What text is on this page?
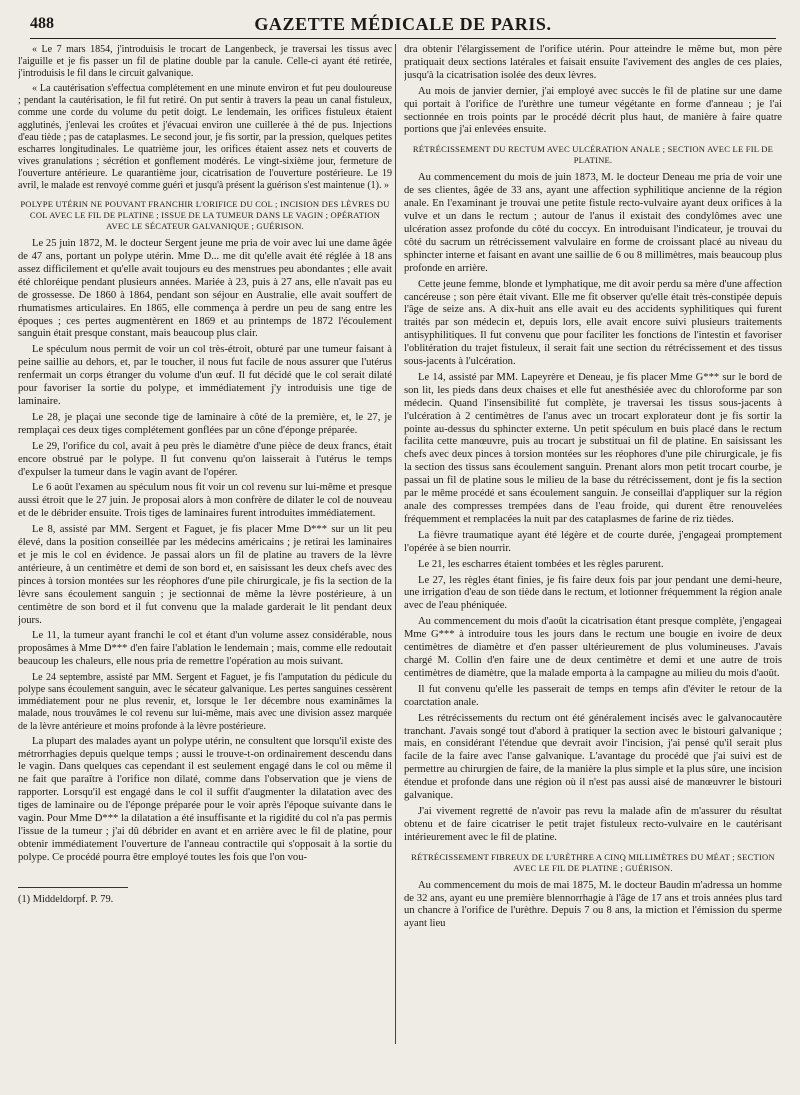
488	GAZETTE MÉDICALE DE PARIS.

« Le 7 mars 1854, j'introduisis le trocart de Langenbeck, je traversai les tissus avec l'aiguille et je fis passer un fil de platine double par la canule. Celle-ci ayant été retirée, j'introduisis le fil dans le circuit galvanique.

« La cautérisation s'effectua complétement en une minute environ et fut peu douloureuse ; pendant la cautérisation, le fil fut retiré. On put sentir à travers la peau un canal fistuleux, comme une corde du volume du petit doigt. Le lendemain, les orifices fistuleux étaient agglutinés, j'enlevai les croûtes et j'évacuai environ une cuillerée à thé de pus. Injections d'eau tiède ; pas de cataplasmes. Le second jour, je fis sortir, par la pression, quelques petites escharres longitudinales. Le quatrième jour, les orifices étaient assez nets et couverts de vives granulations ; sécrétion et gonflement modérés. Le vingt-sixième jour, fermeture de l'ouverture antérieure. Le quarantième jour, cicatrisation de l'ouverture postérieure. Le 19 avril, le malade est renvoyé comme guéri et jusqu'à présent la guérison s'est maintenue (1). »

POLYPE UTÉRIN NE POUVANT FRANCHIR L'ORIFICE DU COL ; INCISION DES LÈVRES DU COL AVEC LE FIL DE PLATINE ; ISSUE DE LA TUMEUR DANS LE VAGIN ; OPÉRATION AVEC LE SÉCATEUR GALVANIQUE ; GUÉRISON.

Le 25 juin 1872, M. le docteur Sergent jeune me pria de voir avec lui une dame âgée de 47 ans, portant un polype utérin. Mme D... me dit qu'elle avait été réglée à 18 ans assez difficilement et qu'elle avait toujours eu des menstrues peu abondantes ; elle avait été chloréique pendant plusieurs années. Mariée à 23, puis à 27 ans, elle n'avait pas eu de grossesse. De 1860 à 1864, pendant son séjour en Australie, elle avait souffert de rhumatismes articulaires. En 1865, elle commença à perdre un peu de sang entre les époques ; ces pertes augmentèrent en 1869 et au printemps de 1872 l'écoulement sanguin était presque constant, mais beaucoup plus clair.

Le spéculum nous permit de voir un col très-étroit, obturé par une tumeur faisant à peine saillie au dehors, et, par le toucher, il nous fut facile de nous assurer que l'utérus renfermait un corps étranger du volume d'un œuf. Il fut décidé que le col serait dilaté pour favoriser la sortie du polype, et immédiatement j'y introduisis une tige de laminaire.

Le 28, je plaçai une seconde tige de laminaire à côté de la première, et, le 27, je remplaçai ces deux tiges complétement gonflées par un cône d'éponge préparée.

Le 29, l'orifice du col, avait à peu près le diamètre d'une pièce de deux francs, était encore obstrué par le polype. Il fut convenu qu'on laisserait à l'utérus le temps d'expulser la tumeur dans le vagin avant de l'opérer.

Le 6 août l'examen au spéculum nous fit voir un col revenu sur lui-même et presque aussi étroit que le 27 juin. Je proposai alors à mon confrère de dilater le col de nouveau et de le débrider ensuite. Trois tiges de laminaires furent introduites immédiatement.

Le 8, assisté par MM. Sergent et Faguet, je fis placer Mme D*** sur un lit peu élevé, dans la position conseillée par les médecins américains ; je retirai les laminaires et je mis le col en évidence. Je passai alors un fil de platine au travers de la lèvre antérieure, à un centimètre et demi de son bord et, en saisissant les deux chefs avec des pinces à torsion montées sur les réophores d'une pile chirurgicale, je fis la section de la lèvre sans écoulement sanguin ; je sectionnai de même la lèvre postérieure, à un centimètre de son bord et il fut convenu que la malade garderait le lit pendant deux jours.

Le 11, la tumeur ayant franchi le col et étant d'un volume assez considérable, nous proposâmes à Mme D*** d'en faire l'ablation le lendemain ; mais, comme elle redoutait beaucoup les chaleurs, elle nous pria de remettre l'opération au mois suivant.

Le 24 septembre, assisté par MM. Sergent et Faguet, je fis l'amputation du pédicule du polype sans écoulement sanguin, avec le sécateur galvanique. Les pertes sanguines cessèrent immédiatement pour ne plus revenir, et, lorsque le 1er décembre nous examinâmes la malade, nous trouvâmes le col revenu sur lui-même, mais avec une division assez marquée de la lèvre antérieure et moins profonde à la lèvre postérieure.

La plupart des malades ayant un polype utérin, ne consultent que lorsqu'il existe des métrorrhagies depuis quelque temps ; aussi le trouve-t-on ordinairement descendu dans le vagin. Dans quelques cas cependant il est seulement engagé dans le col ou même il ne fait que paraître à l'orifice non dilaté, comme dans l'observation que je viens de rapporter. Lorsqu'il est engagé dans le col il suffit d'augmenter la dilatation avec des tiges de laminaire ou de l'éponge préparée pour le voir après l'époque suivante dans le vagin. Pour Mme D*** la dilatation a été insuffisante et la rigidité du col n'a pas permis l'issue de la tumeur ; j'ai dû débrider en avant et en arrière avec le fil de platine, pour obtenir immédiatement l'ouverture de l'anneau contractile qui s'opposait à la sortie du polype. Ce procédé pourra être employé toutes les fois que l'on vou-

(1) Middeldorpf. P. 79.

dra obtenir l'élargissement de l'orifice utérin. Pour atteindre le même but, mon père pratiquait deux sections latérales et faisait ensuite l'avivement des angles de ces plaies, jusqu'à la cicatrisation isolée des deux lèvres.

Au mois de janvier dernier, j'ai employé avec succès le fil de platine sur une dame qui portait à l'orifice de l'urèthre une tumeur végétante en forme d'anneau ; je l'ai sectionnée en trois points par le procédé décrit plus haut, de manière à faire quatre portions que j'ai enlevées ensuite.

RÉTRÉCISSEMENT DU RECTUM AVEC ULCÉRATION ANALE ; SECTION AVEC LE FIL DE PLATINE.

Au commencement du mois de juin 1873, M. le docteur Deneau me pria de voir une de ses clientes, âgée de 33 ans, ayant une affection syphilitique ancienne de la région anale. En l'examinant je trouvai une petite fistule recto-vulvaire ayant deux orifices à la vulve et un dans le rectum ; autour de l'anus il existait des condylômes avec une ulcération assez profonde du côté du coccyx. En introduisant l'indicateur, je trouvai du côté du sacrum un rétrécissement valvulaire en forme de croissant placé au niveau du sphincter interne et faisant en avant une saillie de 6 ou 8 millimètres, mais beaucoup plus profonde en arrière.

Cette jeune femme, blonde et lymphatique, me dit avoir perdu sa mère d'une affection cancéreuse ; son père était vivant. Elle me fit observer qu'elle était très-constipée depuis l'âge de seize ans. A dix-huit ans elle avait eu des accidents syphilitiques qui furent traités par son médecin et, depuis lors, elle avait encore suivi plusieurs traitements antisyphilitiques. Il fut convenu que pour faciliter les fonctions de l'intestin et favoriser l'oblitération du trajet fistuleux, il serait fait une section du rétrécissement et des tissus sous-jacents à l'ulcération.

Le 14, assisté par MM. Lapeyrère et Deneau, je fis placer Mme G*** sur le bord de son lit, les pieds dans deux chaises et elle fut anesthésiée avec du chloroforme par son médecin. Quand l'insensibilité fut complète, je traversai les tissus sous-jacents à l'ulcération à 2 centimètres de l'anus avec un trocart explorateur dont je fis sortir la pointe au-dessus du sphincter externe. Un petit spéculum en buis placé dans le rectum facilita cette manœuvre, puis au trocart je substituai un fil de platine. En saisissant les chefs avec deux pinces à torsion montées sur les réophores d'une pile chirurgicale, je fis la section des tissus sans écoulement sanguin. Prenant alors mon petit trocart courbe, je passai un fil de platine sous le milieu de la base du rétrécissement, dont je fis la section par le même procédé et sans écoulement sanguin. Je conseillai d'appliquer sur la région anale des compresses trempées dans de l'eau froide, qui durent être renouvelées fréquemment et remplacées la nuit par des cataplasmes de farine de riz tièdes.

La fièvre traumatique ayant été légère et de courte durée, j'engageai promptement l'opérée à se bien nourrir.

Le 21, les escharres étaient tombées et les règles parurent.

Le 27, les règles étant finies, je fis faire deux fois par jour pendant une demi-heure, une irrigation d'eau de son tiède dans le rectum, et lotionner fréquemment la région anale avec de l'eau phéniquée.

Au commencement du mois d'août la cicatrisation étant presque complète, j'engageai Mme G*** à introduire tous les jours dans le rectum une bougie en ivoire de deux centimètres de diamètre et d'en passer ultérieurement de plus volumineuses. J'avais chargé M. Collin d'en faire une de deux centimètre et demi et une autre de trois centimètres de diamètre, que la malade emporta à la campagne au milieu du mois d'août.

Il fut convenu qu'elle les passerait de temps en temps afin d'éviter le retour de la coarctation anale.

Les rétrécissements du rectum ont été généralement incisés avec le galvanocautère tranchant. J'avais songé tout d'abord à pratiquer la section avec le bistouri galvanique ; mais, en considérant l'étendue que devrait avoir l'incision, j'ai pensé qu'il serait plus facile de la faire avec l'anse galvanique. L'avantage du procédé que j'ai suivi est de permettre au chirurgien de faire, de la manière la plus simple et la plus sûre, une incision étendue et profonde dans une région où il n'est pas aussi aisé de manœuvrer le bistouri galvanique.

J'ai vivement regretté de n'avoir pas revu la malade afin de m'assurer du résultat obtenu et de faire cicatriser le petit trajet fistuleux recto-vulvaire en le cautérisant intérieurement avec le fil de platine.

RÉTRÉCISSEMENT FIBREUX DE L'URÈTHRE A CINQ MILLIMÈTRES DU MÉAT ; SECTION AVEC LE FIL DE PLATINE ; GUÉRISON.

Au commencement du mois de mai 1875, M. le docteur Baudin m'adressa un homme de 32 ans, ayant eu une première blennorrhagie à l'âge de 17 ans et trois années plus tard un chancre à l'orifice de l'urèthre. Depuis 7 ou 8 ans, la miction et l'émission du sperme ayant lieu
